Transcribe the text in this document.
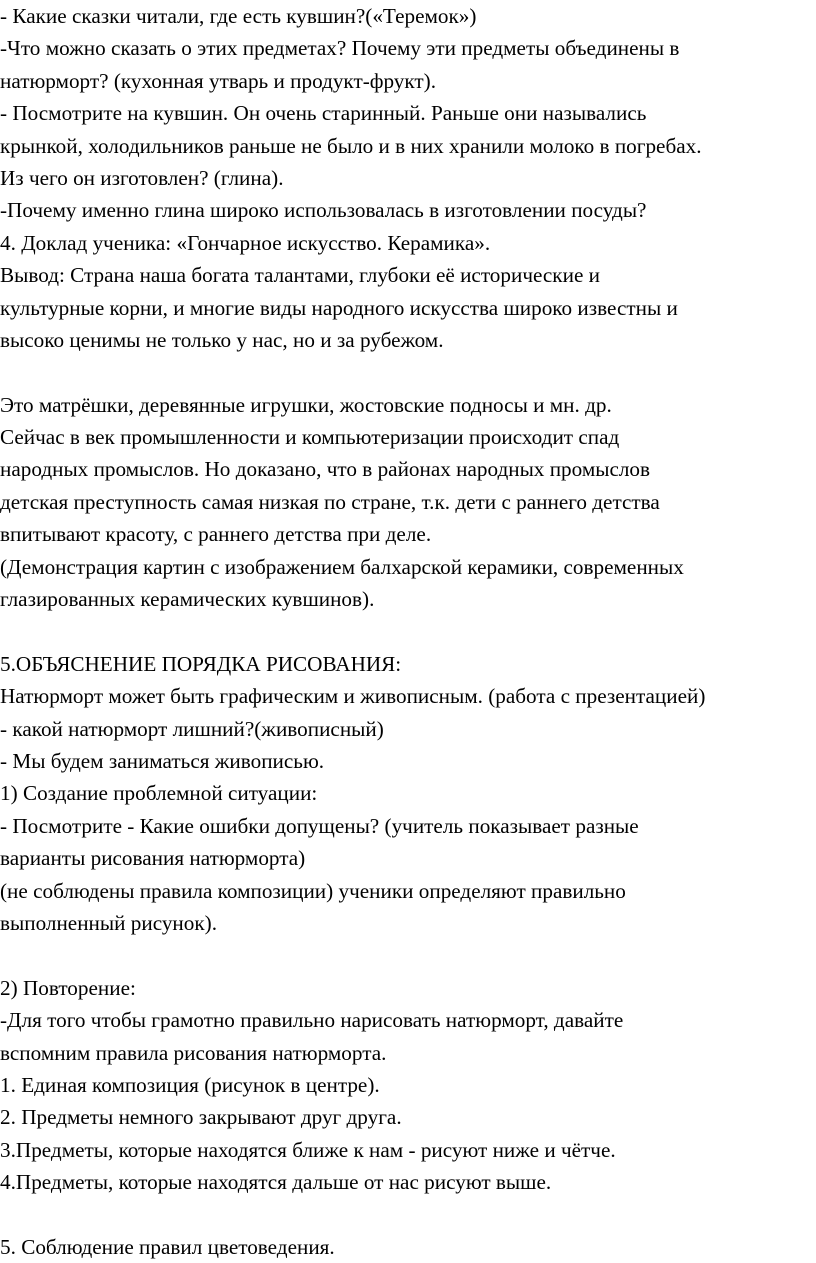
- Какие сказки читали, где есть кувшин?(«Теремок»)
-Что можно сказать о этих предметах? Почему эти предметы объединены в
натюрморт? (кухонная утварь и продукт-фрукт).
- Посмотрите на кувшин. Он очень старинный. Раньше они назывались
крынкой, холодильников раньше не было и в них хранили молоко в погребах.
Из чего он изготовлен? (глина).
-Почему именно глина широко использовалась в изготовлении посуды?
4. Доклад ученика: «Гончарное искусство. Керамика».
Вывод: Страна наша богата талантами, глубоки её исторические и
культурные корни, и многие виды народного искусства широко известны и
высоко ценимы не только у нас, но и за рубежом.
Это матрёшки, деревянные игрушки, жостовские подносы и мн. др.
Сейчас в век промышленности и компьютеризации происходит спад
народных промыслов. Но доказано, что в районах народных промыслов
детская преступность самая низкая по стране, т.к. дети с раннего детства
впитывают красоту, с раннего детства при деле.
(Демонстрация картин с изображением балхарской керамики, современных
глазированных керамических кувшинов).
5.ОБЪЯСНЕНИЕ ПОРЯДКА РИСОВАНИЯ:
Натюрморт может быть графическим и живописным. (работа с презентацией)
- какой натюрморт лишний?(живописный)
- Мы будем заниматься живописью.
1) Создание проблемной ситуации:
- Посмотрите - Какие ошибки допущены? (учитель показывает разные
варианты рисования натюрморта)
(не соблюдены правила композиции) ученики определяют правильно
выполненный рисунок).
2) Повторение:
-Для того чтобы грамотно правильно нарисовать натюрморт, давайте
вспомним правила рисования натюрморта.
1. Единая композиция (рисунок в центре).
2. Предметы немного закрывают друг друга.
3.Предметы, которые находятся ближе к нам - рисуют ниже и чётче.
4.Предметы, которые находятся дальше от нас рисуют выше.
5. Соблюдение правил цветоведения.
